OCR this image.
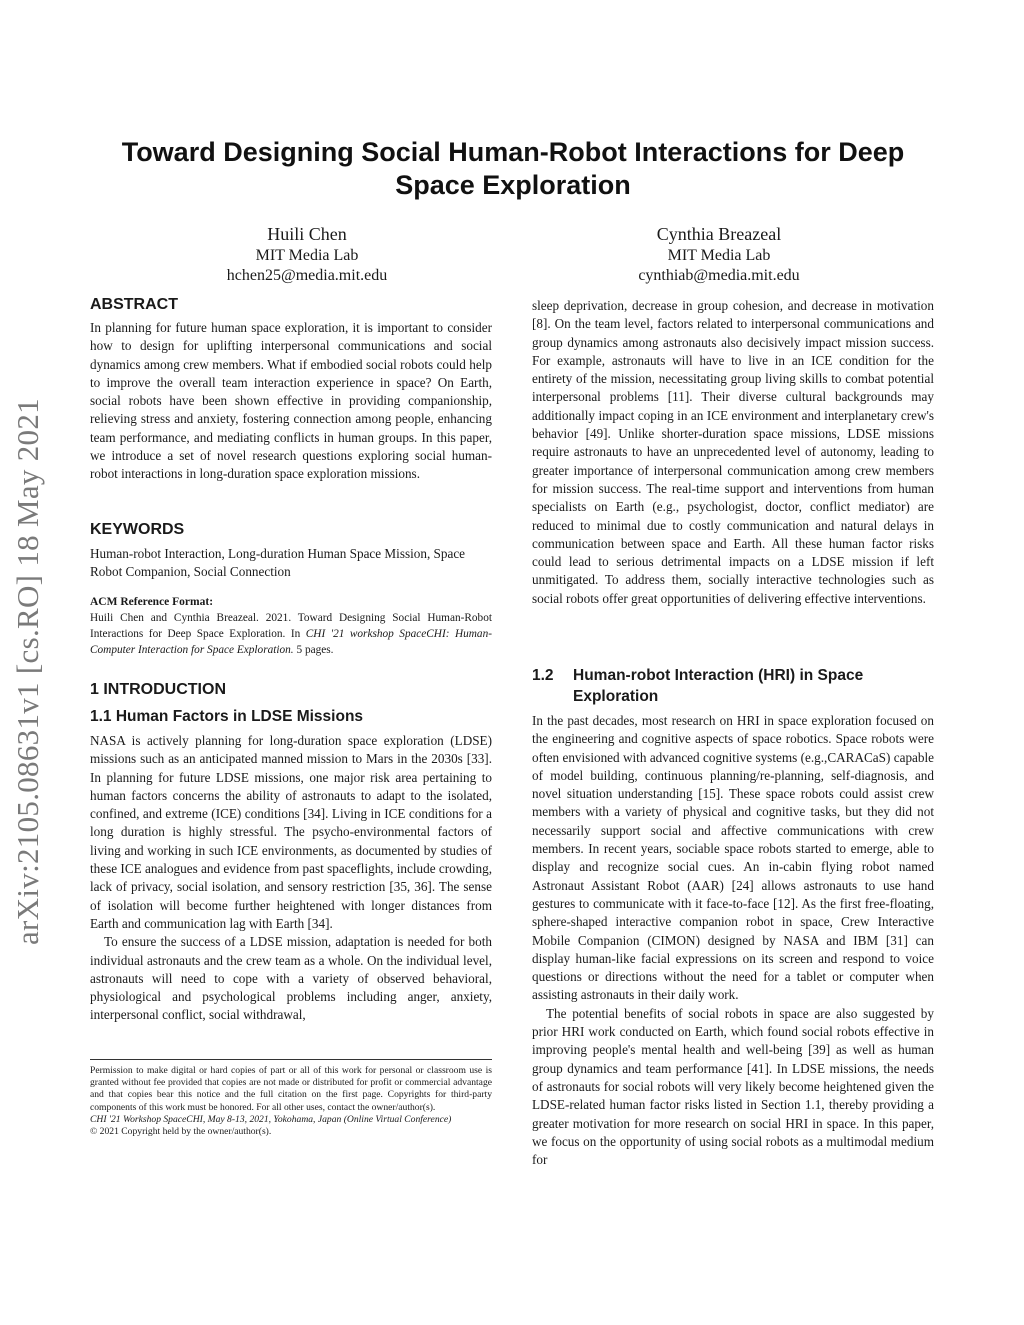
arXiv:2105.08631v1 [cs.RO] 18 May 2021
Toward Designing Social Human-Robot Interactions for Deep Space Exploration
Huili Chen
MIT Media Lab
hchen25@media.mit.edu
Cynthia Breazeal
MIT Media Lab
cynthiab@media.mit.edu
ABSTRACT

In planning for future human space exploration, it is important to consider how to design for uplifting interpersonal communications and social dynamics among crew members. What if embodied social robots could help to improve the overall team interaction experience in space? On Earth, social robots have been shown effective in providing companionship, relieving stress and anxiety, fostering connection among people, enhancing team performance, and mediating conflicts in human groups. In this paper, we introduce a set of novel research questions exploring social human-robot interactions in long-duration space exploration missions.

KEYWORDS

Human-robot Interaction, Long-duration Human Space Mission, Space Robot Companion, Social Connection

ACM Reference Format:

Huili Chen and Cynthia Breazeal. 2021. Toward Designing Social Human-Robot Interactions for Deep Space Exploration. In CHI '21 workshop SpaceCHI: Human-Computer Interaction for Space Exploration. 5 pages.

1 INTRODUCTION
1.1 Human Factors in LDSE Missions

NASA is actively planning for long-duration space exploration (LDSE) missions such as an anticipated manned mission to Mars in the 2030s [33]. In planning for future LDSE missions, one major risk area pertaining to human factors concerns the ability of astronauts to adapt to the isolated, confined, and extreme (ICE) conditions [34]. Living in ICE conditions for a long duration is highly stressful. The psycho-environmental factors of living and working in such ICE environments, as documented by studies of these ICE analogues and evidence from past spaceflights, include crowding, lack of privacy, social isolation, and sensory restriction [35, 36]. The sense of isolation will become further heightened with longer distances from Earth and communication lag with Earth [34].

To ensure the success of a LDSE mission, adaptation is needed for both individual astronauts and the crew team as a whole. On the individual level, astronauts will need to cope with a variety of observed behavioral, physiological and psychological problems including anger, anxiety, interpersonal conflict, social withdrawal,

Permission to make digital or hard copies of part or all of this work for personal or classroom use is granted without fee provided that copies are not made or distributed for profit or commercial advantage and that copies bear this notice and the full citation on the first page. Copyrights for third-party components of this work must be honored. For all other uses, contact the owner/author(s).

CHI '21 Workshop SpaceCHI, May 8-13, 2021, Yokohama, Japan (Online Virtual Conference)

© 2021 Copyright held by the owner/author(s).

sleep deprivation, decrease in group cohesion, and decrease in motivation [8]. On the team level, factors related to interpersonal communications and group dynamics among astronauts also decisively impact mission success. For example, astronauts will have to live in an ICE condition for the entirety of the mission, necessitating group living skills to combat potential interpersonal problems [11]. Their diverse cultural backgrounds may additionally impact coping in an ICE environment and interplanetary crew's behavior [49]. Unlike shorter-duration space missions, LDSE missions require astronauts to have an unprecedented level of autonomy, leading to greater importance of interpersonal communication among crew members for mission success. The real-time support and interventions from human specialists on Earth (e.g., psychologist, doctor, conflict mediator) are reduced to minimal due to costly communication and natural delays in communication between space and Earth. All these human factor risks could lead to serious detrimental impacts on a LDSE mission if left unmitigated. To address them, socially interactive technologies such as social robots offer great opportunities of delivering effective interventions.

1.2 Human-robot Interaction (HRI) in Space Exploration

In the past decades, most research on HRI in space exploration focused on the engineering and cognitive aspects of space robotics. Space robots were often envisioned with advanced cognitive systems (e.g.,CARACaS) capable of model building, continuous planning/re-planning, self-diagnosis, and novel situation understanding [15]. These space robots could assist crew members with a variety of physical and cognitive tasks, but they did not necessarily support social and affective communications with crew members. In recent years, sociable space robots started to emerge, able to display and recognize social cues. An in-cabin flying robot named Astronaut Assistant Robot (AAR) [24] allows astronauts to use hand gestures to communicate with it face-to-face [12]. As the first free-floating, sphere-shaped interactive companion robot in space, Crew Interactive Mobile Companion (CIMON) designed by NASA and IBM [31] can display human-like facial expressions on its screen and respond to voice questions or directions without the need for a tablet or computer when assisting astronauts in their daily work.

The potential benefits of social robots in space are also suggested by prior HRI work conducted on Earth, which found social robots effective in improving people's mental health and well-being [39] as well as human group dynamics and team performance [41]. In LDSE missions, the needs of astronauts for social robots will very likely become heightened given the LDSE-related human factor risks listed in Section 1.1, thereby providing a greater motivation for more research on social HRI in space. In this paper, we focus on the opportunity of using social robots as a multimodal medium for
